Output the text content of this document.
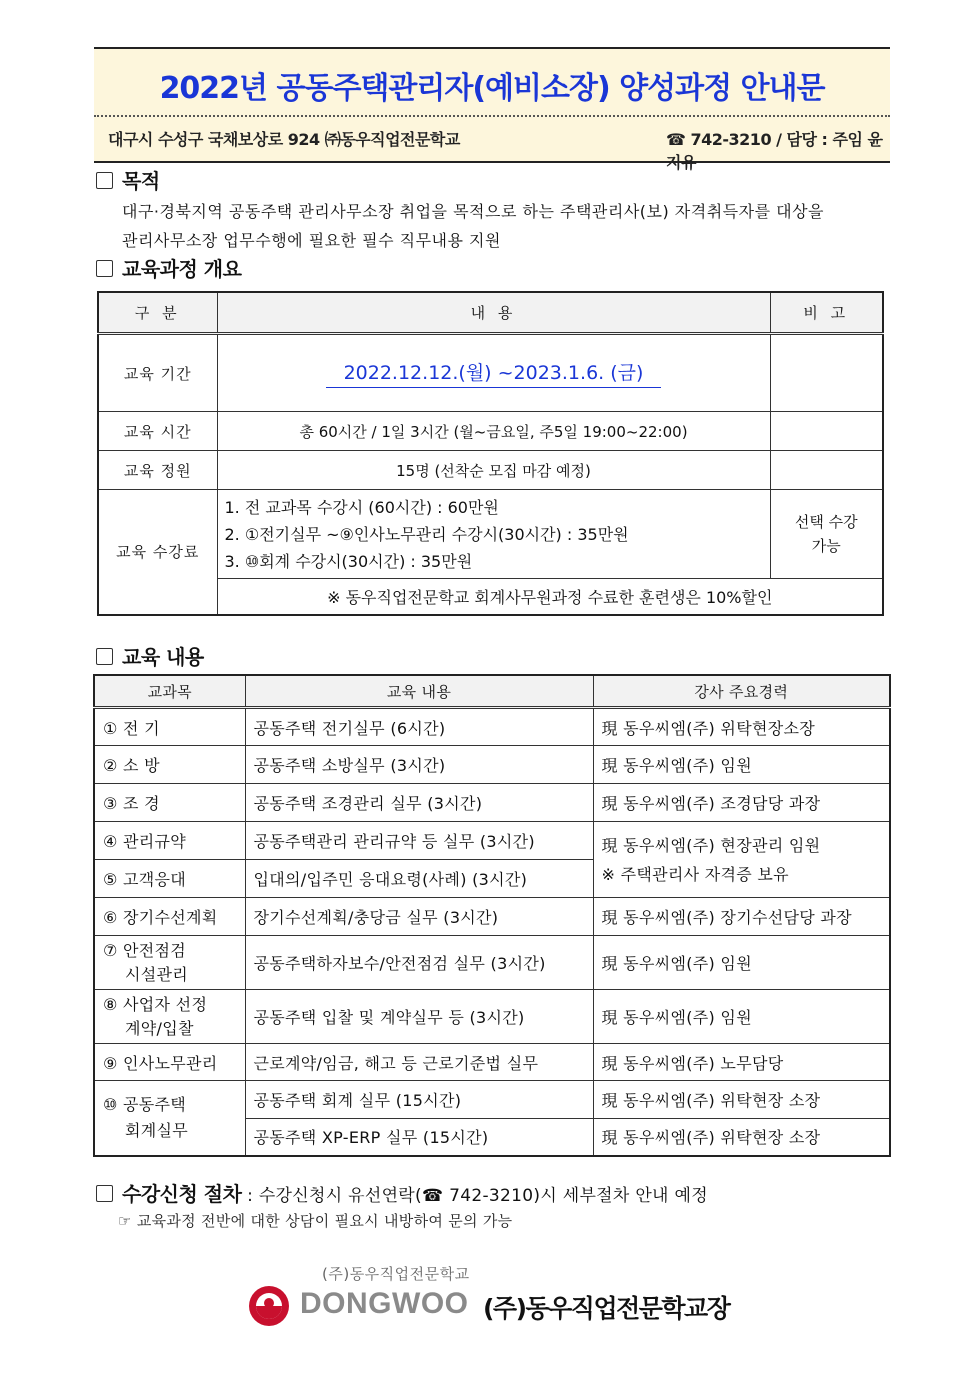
2022년 공동주택관리자(예비소장) 양성과정 안내문
대구시 수성구 국채보상로 924 ㈜동우직업전문학교	☎ 742-3210 / 담당 : 주임 윤지유
목적
대구·경북지역 공동주택 관리사무소장 취업을 목적으로 하는 주택관리사(보) 자격취득자를 대상을
관리사무소장 업무수행에 필요한 필수 직무내용 지원
교육과정 개요
구 분	내 용	비 고
교육 기간	2022.12.12.(월) ~2023.1.6. (금)	
교육 시간	총 60시간 / 1일 3시간 (월~금요일, 주5일 19:00~22:00)	
교육 정원	15명 (선착순 모집 마감 예정)	
교육 수강료	1. 전 교과목 수강시 (60시간) : 60만원
2. ①전기실무 ~⑨인사노무관리 수강시(30시간) : 35만원
3. ⑩회계 수강시(30시간) : 35만원	선택 수강
가능

	※ 동우직업전문학교 회계사무원과정 수료한 훈련생은 10%할인	
교육 내용
교과목	교육 내용	강사 주요경력
① 전 기	공동주택 전기실무 (6시간)	現 동우씨엠(주) 위탁현장소장
② 소 방	공동주택 소방실무 (3시간)	現 동우씨엠(주) 임원
③ 조 경	공동주택 조경관리 실무 (3시간)	現 동우씨엠(주) 조경담당 과장
④ 관리규약	공동주택관리 관리규약 등 실무 (3시간)	現 동우씨엠(주) 현장관리 임원
※ 주택관리사 자격증 보유

⑤ 고객응대	입대의/입주민 응대요령(사례) (3시간)	
⑥ 장기수선계획	장기수선계획/충당금 실무 (3시간)	現 동우씨엠(주) 장기수선담당 과장

⑦ 안전점검
시설관리	공동주택하자보수/안전점검 실무 (3시간)	現 동우씨엠(주) 임원

⑧ 사업자 선정
계약/입찰	공동주택 입찰 및 계약실무 등 (3시간)	現 동우씨엠(주) 임원
⑨ 인사노무관리	근로계약/임금, 해고 등 근로기준법 실무	現 동우씨엠(주) 노무담당

⑩ 공동주택
회계실무	공동주택 회계 실무 (15시간)	現 동우씨엠(주) 위탁현장 소장
	공동주택 XP-ERP 실무 (15시간)	現 동우씨엠(주) 위탁현장 소장
수강신청 절차 : 수강신청시 유선연락(☎ 742-3210)시 세부절차 안내 예정
☞ 교육과정 전반에 대한 상담이 필요시 내방하여 문의 가능
(주)동우직업전문학교
DONGWOO (주)동우직업전문학교장
